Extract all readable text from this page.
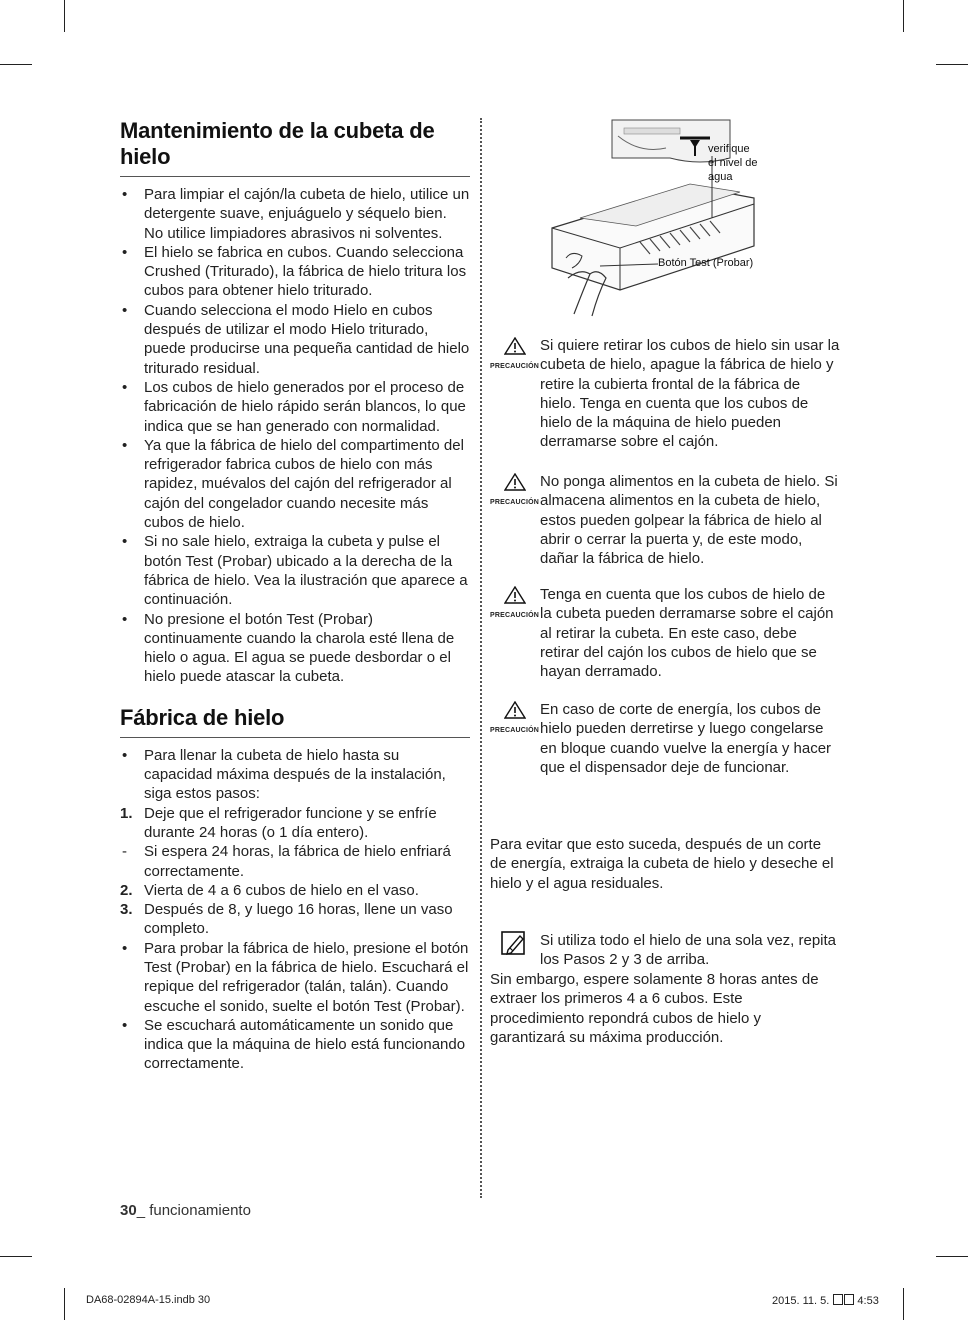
Mantenimiento de la cubeta de hielo
•	Para limpiar el cajón/la cubeta de hielo, utilice un detergente suave, enjuáguelo y séquelo bien. No utilice limpiadores abrasivos ni solventes.
•	El hielo se fabrica en cubos. Cuando selecciona Crushed (Triturado), la fábrica de hielo tritura los cubos para obtener hielo triturado.
•	Cuando selecciona el modo Hielo en cubos después de utilizar el modo Hielo triturado, puede producirse una pequeña cantidad de hielo triturado residual.
•	Los cubos de hielo generados por el proceso de fabricación de hielo rápido serán blancos, lo que indica que se han generado con normalidad.
•	Ya que la fábrica de hielo del compartimento del refrigerador fabrica cubos de hielo con más rapidez, muévalos del cajón del refrigerador al cajón del congelador cuando necesite más cubos de hielo.
•	Si no sale hielo, extraiga la cubeta y pulse el botón Test (Probar) ubicado a la derecha de la fábrica de hielo. Vea la ilustración que aparece a continuación.
•	No presione el botón Test (Probar) continuamente cuando la charola esté llena de hielo o agua. El agua se puede desbordar o el hielo puede atascar la cubeta.
Fábrica de hielo
•	Para llenar la cubeta de hielo hasta su capacidad máxima después de la instalación, siga estos pasos:
1. Deje que el refrigerador funcione y se enfríe durante 24 horas (o 1 día entero).
-	Si espera 24 horas, la fábrica de hielo enfriará correctamente.
2. Vierta de 4 a 6 cubos de hielo en el vaso.
3. Después de 8, y luego 16 horas, llene un vaso completo.
•	Para probar la fábrica de hielo, presione el botón Test (Probar) en la fábrica de hielo. Escuchará el repique del refrigerador (talán, talán). Cuando escuche el sonido, suelte el botón Test (Probar).
•	Se escuchará automáticamente un sonido que indica que la máquina de hielo está funcionando correctamente.
verifique
el nivel de
agua
Botón Test (Probar)
PRECAUCIÓN
Si quiere retirar los cubos de hielo sin usar la cubeta de hielo, apague la fábrica de hielo y retire la cubierta frontal de la fábrica de hielo. Tenga en cuenta que los cubos de hielo de la máquina de hielo pueden derramarse sobre el cajón.
PRECAUCIÓN
No ponga alimentos en la cubeta de hielo. Si almacena alimentos en la cubeta de hielo, estos pueden golpear la fábrica de hielo al abrir o cerrar la puerta y, de este modo, dañar la fábrica de hielo.
PRECAUCIÓN
Tenga en cuenta que los cubos de hielo de la cubeta pueden derramarse sobre el cajón al retirar la cubeta. En este caso, debe retirar del cajón los cubos de hielo que se hayan derramado.
PRECAUCIÓN
En caso de corte de energía, los cubos de hielo pueden derretirse y luego congelarse en bloque cuando vuelve la energía y hacer que el dispensador deje de funcionar.
Para evitar que esto suceda, después de un corte de energía, extraiga la cubeta de hielo y deseche el hielo y el agua residuales.
Si utiliza todo el hielo de una sola vez, repita los Pasos 2 y 3 de arriba.
Sin embargo, espere solamente 8 horas antes de extraer los primeros 4 a 6 cubos. Este procedimiento repondrá cubos de hielo y garantizará su máxima producción.
30_ funcionamiento
DA68-02894A-15.indb 30	2015. 11. 5.	4:53
